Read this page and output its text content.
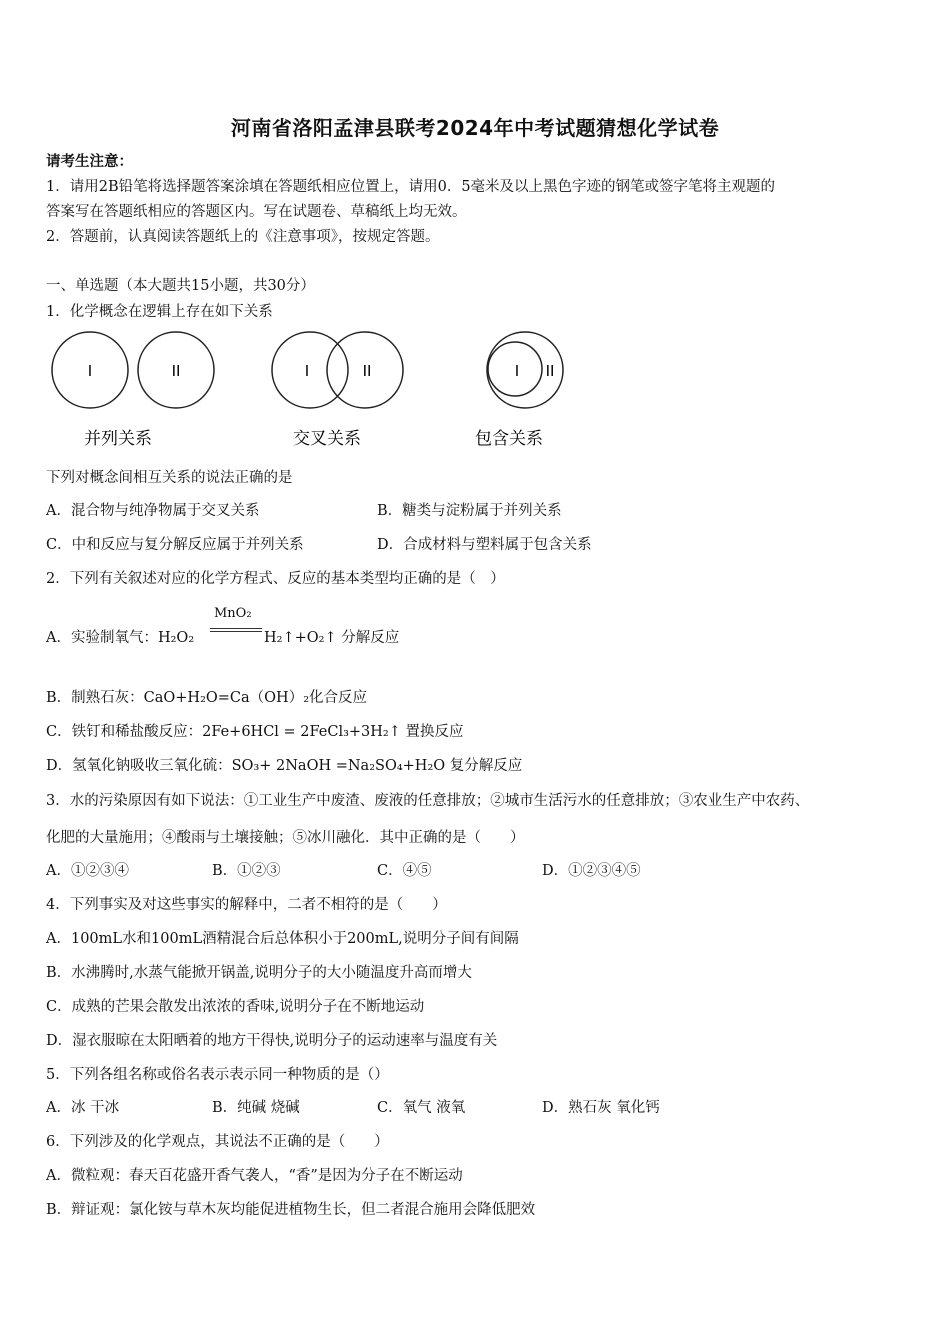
河南省洛阳孟津县联考2024年中考试题猜想化学试卷
请考生注意：
1．请用2B铅笔将选择题答案涂填在答题纸相应位置上，请用0．5毫米及以上黑色字迹的钢笔或签字笔将主观题的
答案写在答题纸相应的答题区内。写在试题卷、草稿纸上均无效。
2．答题前，认真阅读答题纸上的《注意事项》，按规定答题。
一、单选题（本大题共15小题，共30分）
1．化学概念在逻辑上存在如下关系
I	II
并列关系
I	II
交叉关系
I II
包含关系
下列对概念间相互关系的说法正确的是
A．混合物与纯净物属于交叉关系	B．糖类与淀粉属于并列关系
C．中和反应与复分解反应属于并列关系	D．合成材料与塑料属于包含关系
2．下列有关叙述对应的化学方程式、反应的基本类型均正确的是（　）
A．实验制氧气：H₂O₂
MnO₂
H₂↑+O₂↑ 分解反应
B．制熟石灰：CaO+H₂O=Ca（OH）₂化合反应
C．铁钉和稀盐酸反应：2Fe+6HCl = 2FeCl₃+3H₂↑ 置换反应
D．氢氧化钠吸收三氧化硫：SO₃+ 2NaOH =Na₂SO₄+H₂O 复分解反应
3．水的污染原因有如下说法：①工业生产中废渣、废液的任意排放；②城市生活污水的任意排放；③农业生产中农药、
化肥的大量施用；④酸雨与土壤接触；⑤冰川融化．其中正确的是（　　）
A．①②③④	B．①②③	C．④⑤	D．①②③④⑤
4．下列事实及对这些事实的解释中，二者不相符的是（　　）
A．100mL水和100mL酒精混合后总体积小于200mL,说明分子间有间隔
B．水沸腾时,水蒸气能掀开锅盖,说明分子的大小随温度升高而增大
C．成熟的芒果会散发出浓浓的香味,说明分子在不断地运动
D．湿衣服晾在太阳晒着的地方干得快,说明分子的运动速率与温度有关
5．下列各组名称或俗名表示表示同一种物质的是（）
A．冰 干冰	B．纯碱 烧碱	C．氧气 液氧	D．熟石灰 氧化钙
6．下列涉及的化学观点，其说法不正确的是（　　）
A．微粒观：春天百花盛开香气袭人，“香”是因为分子在不断运动
B．辩证观：氯化铵与草木灰均能促进植物生长，但二者混合施用会降低肥效
